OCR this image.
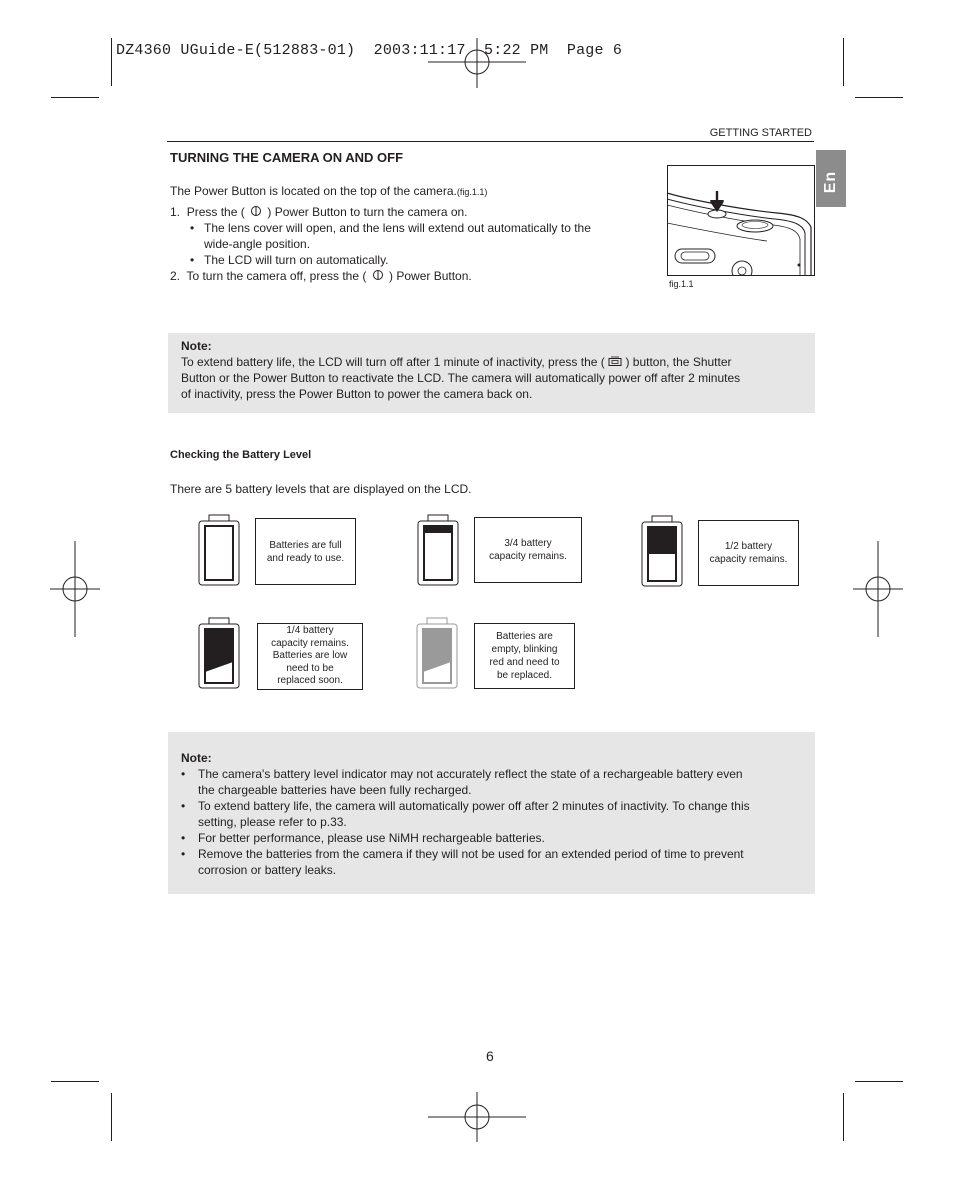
DZ4360 UGuide-E(512883-01)  2003:11:17  5:22 PM  Page 6
GETTING STARTED
En
TURNING THE CAMERA ON AND OFF
The Power Button is located on the top of the camera.(fig.1.1)
1. Press the ( ) Power Button to turn the camera on.
• The lens cover will open, and the lens will extend out automatically to the
wide-angle position.
• The LCD will turn on automatically.
2. To turn the camera off, press the ( ) Power Button.
fig.1.1
Note:
To extend battery life, the LCD will turn off after 1 minute of inactivity, press the ( ) button, the Shutter
Button or the Power Button to reactivate the LCD. The camera will automatically power off after 2 minutes
of inactivity, press the Power Button to power the camera back on.
Checking the Battery Level
There are 5 battery levels that are displayed on the LCD.
Batteries are full
and ready to use.
3/4 battery
capacity remains.
1/2 battery
capacity remains.
1/4 battery
capacity remains.
Batteries are low
need to be
replaced soon.
Batteries are
empty, blinking
red and need to
be replaced.
Note:
• The camera's battery level indicator may not accurately reflect the state of a rechargeable battery even
the chargeable batteries have been fully recharged.
• To extend battery life, the camera will automatically power off after 2 minutes of inactivity. To change this
setting, please refer to p.33.
• For better performance, please use NiMH rechargeable batteries.
• Remove the batteries from the camera if they will not be used for an extended period of time to prevent
corrosion or battery leaks.
6
